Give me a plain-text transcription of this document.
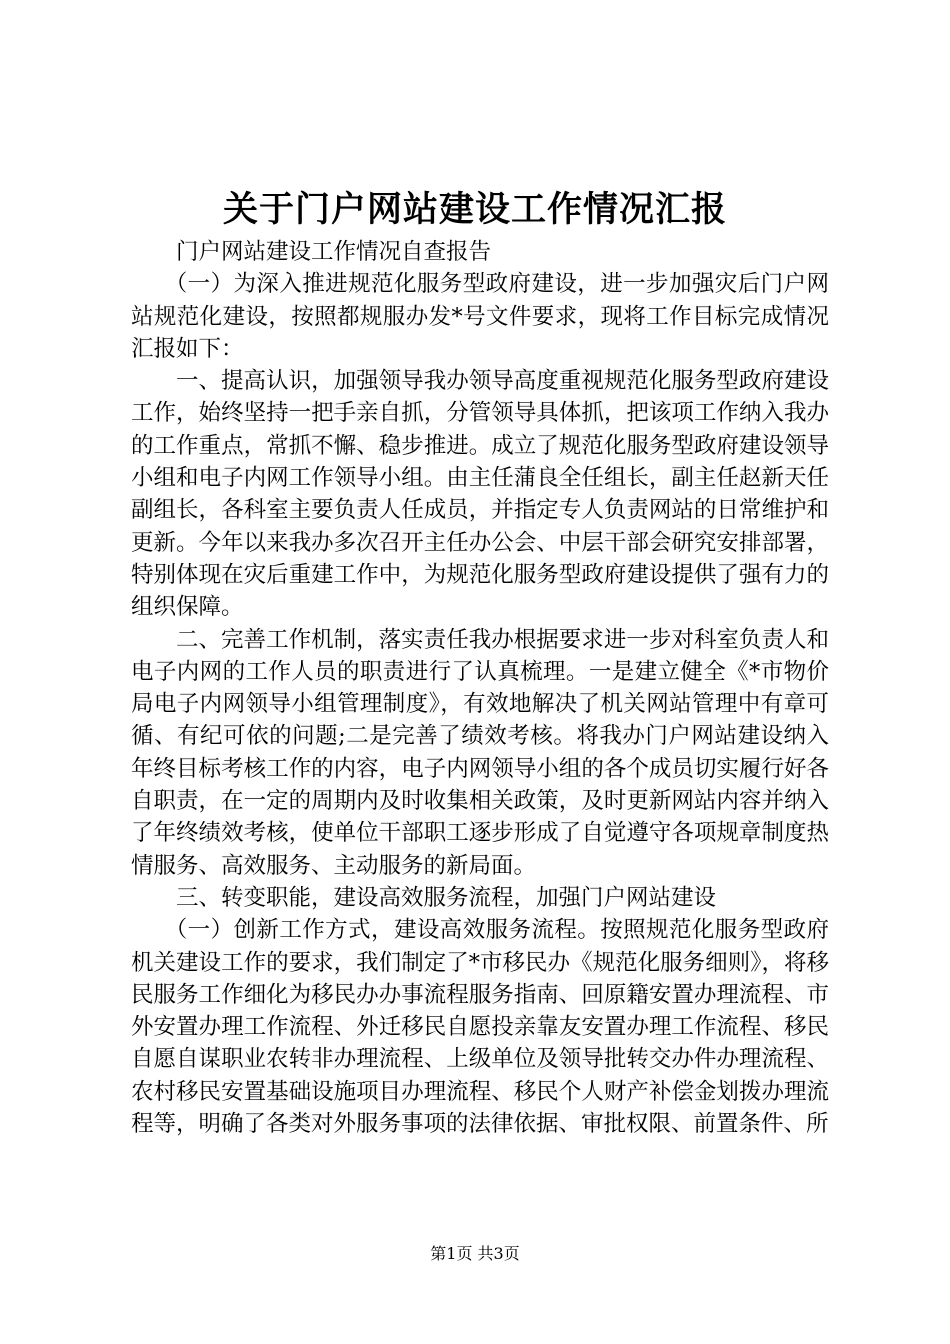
关于门户网站建设工作情况汇报

门户网站建设工作情况自查报告

（一）为深入推进规范化服务型政府建设，进一步加强灾后门户网站规范化建设，按照都规服办发*号文件要求，现将工作目标完成情况汇报如下：

一、提高认识，加强领导我办领导高度重视规范化服务型政府建设工作，始终坚持一把手亲自抓，分管领导具体抓，把该项工作纳入我办的工作重点，常抓不懈、稳步推进。成立了规范化服务型政府建设领导小组和电子内网工作领导小组。由主任蒲良全任组长，副主任赵新天任副组长，各科室主要负责人任成员，并指定专人负责网站的日常维护和更新。今年以来我办多次召开主任办公会、中层干部会研究安排部署，特别体现在灾后重建工作中，为规范化服务型政府建设提供了强有力的组织保障。

二、完善工作机制，落实责任我办根据要求进一步对科室负责人和电子内网的工作人员的职责进行了认真梳理。一是建立健全《*市物价局电子内网领导小组管理制度》，有效地解决了机关网站管理中有章可循、有纪可依的问题;二是完善了绩效考核。将我办门户网站建设纳入年终目标考核工作的内容，电子内网领导小组的各个成员切实履行好各自职责，在一定的周期内及时收集相关政策，及时更新网站内容并纳入了年终绩效考核，使单位干部职工逐步形成了自觉遵守各项规章制度热情服务、高效服务、主动服务的新局面。

三、转变职能，建设高效服务流程，加强门户网站建设

（一）创新工作方式，建设高效服务流程。按照规范化服务型政府机关建设工作的要求，我们制定了*市移民办《规范化服务细则》，将移民服务工作细化为移民办办事流程服务指南、回原籍安置办理流程、市外安置办理工作流程、外迁移民自愿投亲靠友安置办理工作流程、移民自愿自谋职业农转非办理流程、上级单位及领导批转交办件办理流程、农村移民安置基础设施项目办理流程、移民个人财产补偿金划拨办理流程等，明确了各类对外服务事项的法律依据、审批权限、前置条件、所

第1页 共3页
